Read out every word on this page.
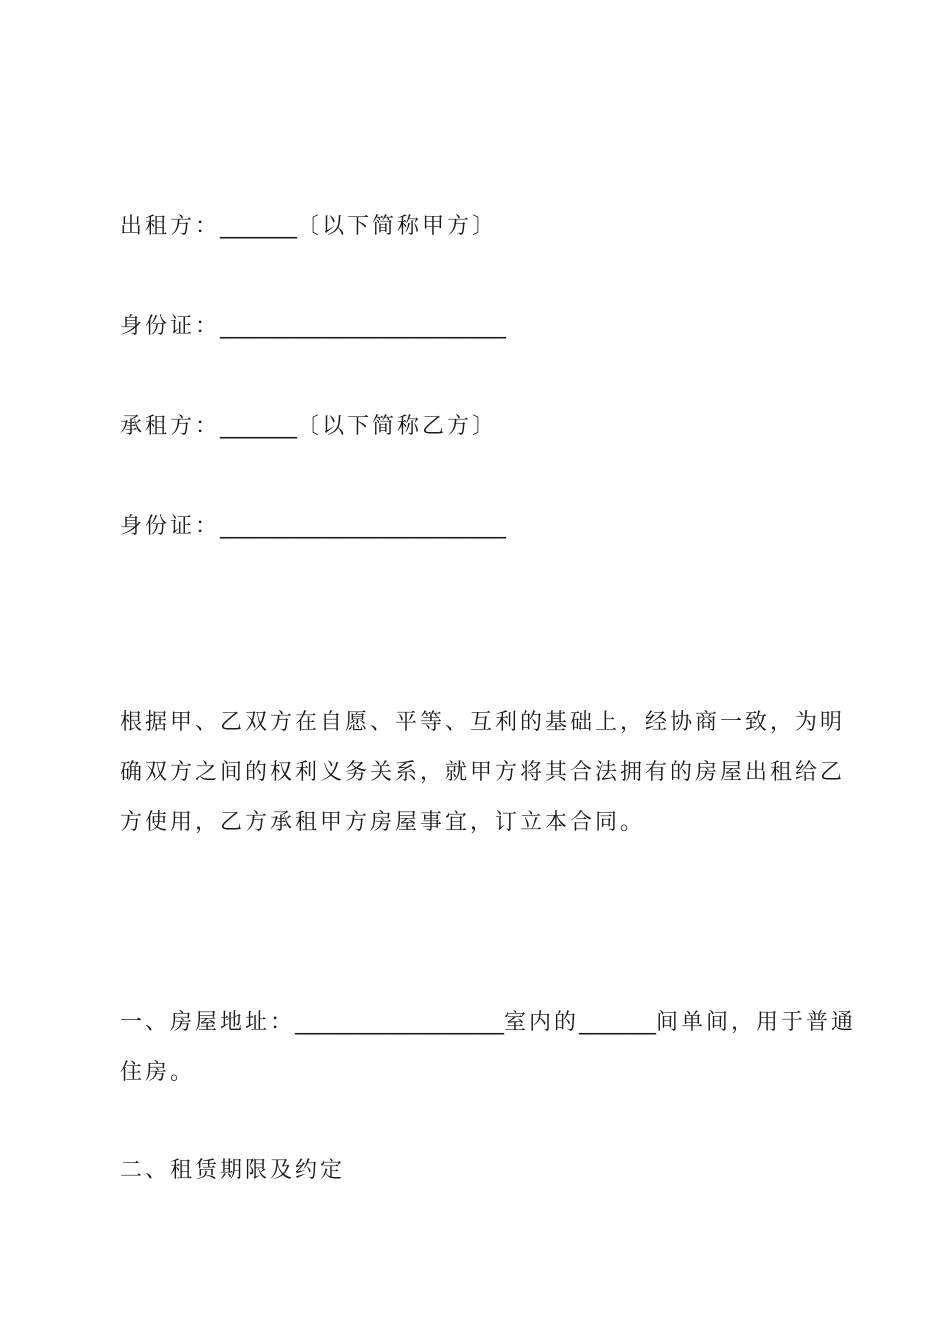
出租方：_______〔以下简称甲方〕
身份证：__________________________
承租方：_______〔以下简称乙方〕
身份证：__________________________
根据甲、乙双方在自愿、平等、互利的基础上，经协商一致，为明
确双方之间的权利义务关系，就甲方将其合法拥有的房屋出租给乙
方使用，乙方承租甲方房屋事宜，订立本合同。
一、房屋地址：___________________室内的_______间单间，用于普通
住房。
二、租赁期限及约定
